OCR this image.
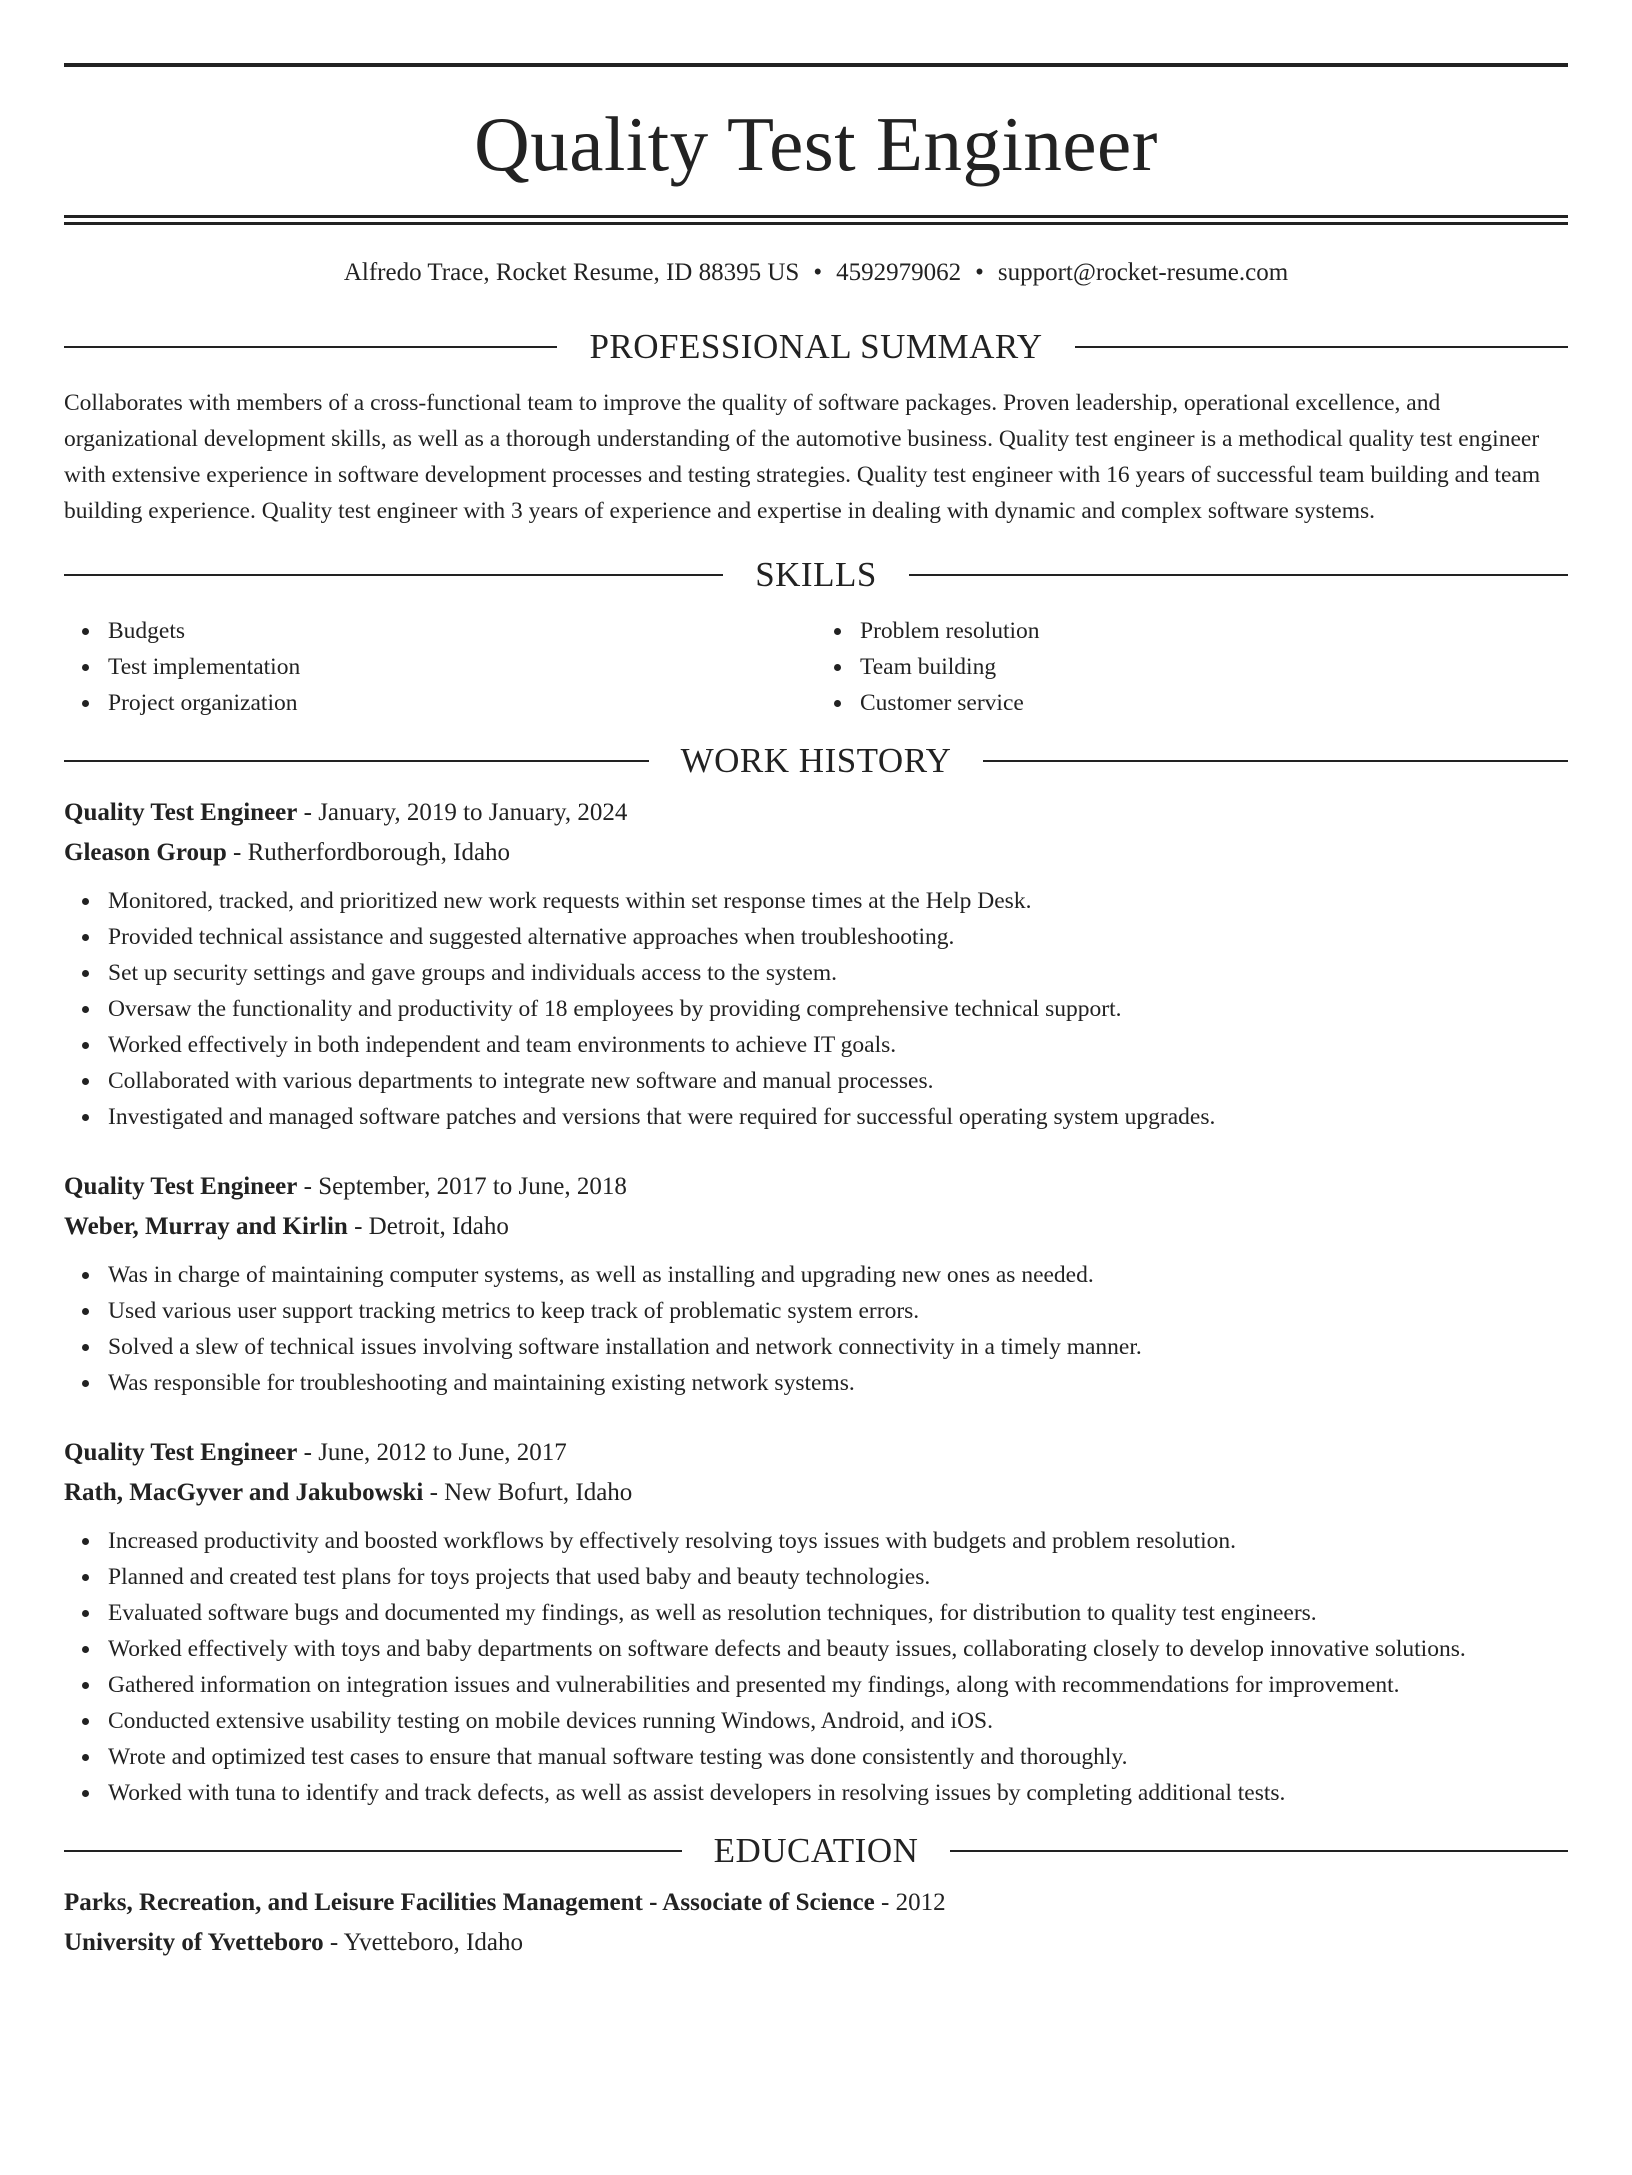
Quality Test Engineer
Alfredo Trace, Rocket Resume, ID 88395 US • 4592979062 • support@rocket-resume.com
PROFESSIONAL SUMMARY
Collaborates with members of a cross-functional team to improve the quality of software packages. Proven leadership, operational excellence, and organizational development skills, as well as a thorough understanding of the automotive business. Quality test engineer is a methodical quality test engineer with extensive experience in software development processes and testing strategies. Quality test engineer with 16 years of successful team building and team building experience. Quality test engineer with 3 years of experience and expertise in dealing with dynamic and complex software systems.
SKILLS
Budgets
Test implementation
Project organization
Problem resolution
Team building
Customer service
WORK HISTORY
Quality Test Engineer - January, 2019 to January, 2024
Gleason Group - Rutherfordborough, Idaho
Monitored, tracked, and prioritized new work requests within set response times at the Help Desk.
Provided technical assistance and suggested alternative approaches when troubleshooting.
Set up security settings and gave groups and individuals access to the system.
Oversaw the functionality and productivity of 18 employees by providing comprehensive technical support.
Worked effectively in both independent and team environments to achieve IT goals.
Collaborated with various departments to integrate new software and manual processes.
Investigated and managed software patches and versions that were required for successful operating system upgrades.
Quality Test Engineer - September, 2017 to June, 2018
Weber, Murray and Kirlin - Detroit, Idaho
Was in charge of maintaining computer systems, as well as installing and upgrading new ones as needed.
Used various user support tracking metrics to keep track of problematic system errors.
Solved a slew of technical issues involving software installation and network connectivity in a timely manner.
Was responsible for troubleshooting and maintaining existing network systems.
Quality Test Engineer - June, 2012 to June, 2017
Rath, MacGyver and Jakubowski - New Bofurt, Idaho
Increased productivity and boosted workflows by effectively resolving toys issues with budgets and problem resolution.
Planned and created test plans for toys projects that used baby and beauty technologies.
Evaluated software bugs and documented my findings, as well as resolution techniques, for distribution to quality test engineers.
Worked effectively with toys and baby departments on software defects and beauty issues, collaborating closely to develop innovative solutions.
Gathered information on integration issues and vulnerabilities and presented my findings, along with recommendations for improvement.
Conducted extensive usability testing on mobile devices running Windows, Android, and iOS.
Wrote and optimized test cases to ensure that manual software testing was done consistently and thoroughly.
Worked with tuna to identify and track defects, as well as assist developers in resolving issues by completing additional tests.
EDUCATION
Parks, Recreation, and Leisure Facilities Management - Associate of Science - 2012
University of Yvetteboro - Yvetteboro, Idaho
